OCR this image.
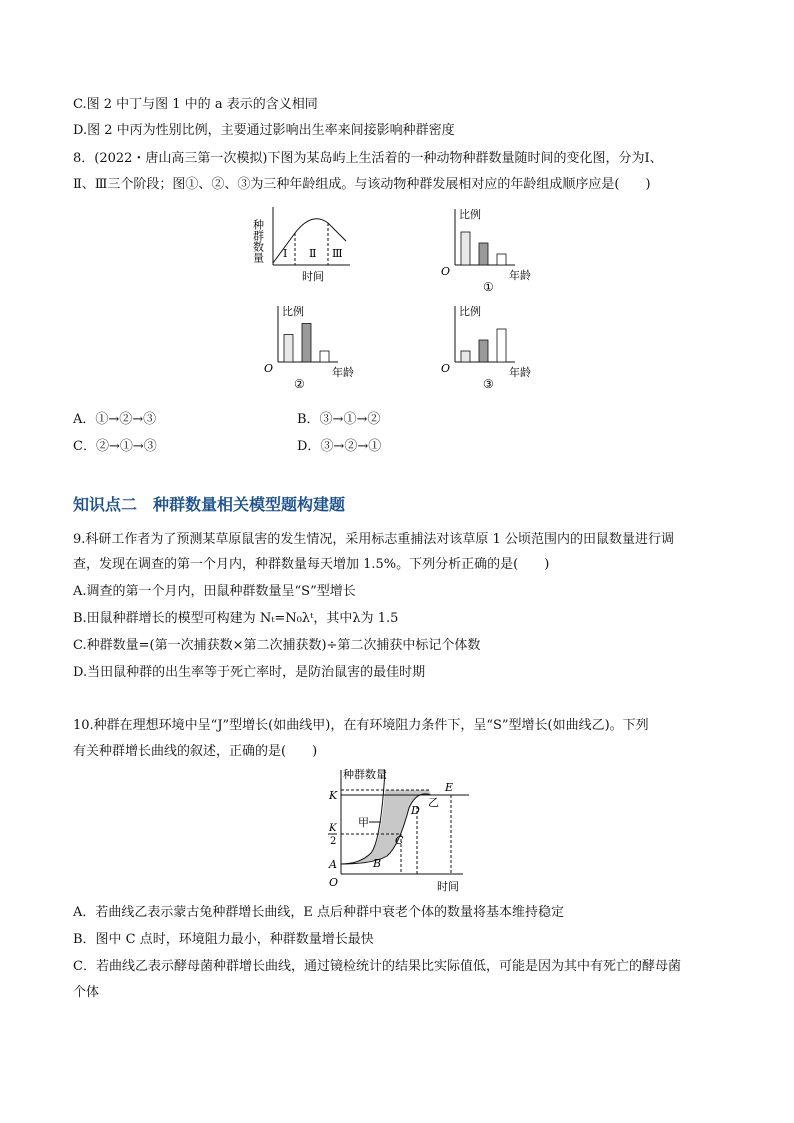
C.图 2 中丁与图 1 中的 a 表示的含义相同
D.图 2 中丙为性别比例，主要通过影响出生率来间接影响种群密度
8．(2022・唐山高三第一次模拟)下图为某岛屿上生活着的一种动物种群数量随时间的变化图，分为Ⅰ、
Ⅱ、Ⅲ三个阶段；图①、②、③为三种年龄组成。与该动物种群发展相对应的年龄组成顺序应是(　　)
Ⅰ Ⅱ Ⅲ
时间
种群数量
比例
O	年龄
①
比例
O	年龄
②
比例
O	年龄
③
A．①→②→③	B．③→①→②
C．②→①→③	D．③→②→①
知识点二　种群数量相关模型题构建题
9.科研工作者为了预测某草原鼠害的发生情况，采用标志重捕法对该草原 1 公顷范围内的田鼠数量进行调
查，发现在调查的第一个月内，种群数量每天增加 1.5%。下列分析正确的是(　　)
A.调查的第一个月内，田鼠种群数量呈“S”型增长
B.田鼠种群增长的模型可构建为 Nₜ=N₀λᵗ，其中λ为 1.5
C.种群数量=(第一次捕获数×第二次捕获数)÷第二次捕获中标记个体数
D.当田鼠种群的出生率等于死亡率时，是防治鼠害的最佳时期
10.种群在理想环境中呈“J”型增长(如曲线甲)，在有环境阻力条件下，呈“S”型增长(如曲线乙)。下列
有关种群增长曲线的叙述，正确的是(　　)
种群数量
K
K
2
A
O
甲
乙
B
C
D
E
时间
A．若曲线乙表示蒙古兔种群增长曲线，E 点后种群中衰老个体的数量将基本维持稳定
B．图中 C 点时，环境阻力最小，种群数量增长最快
C．若曲线乙表示酵母菌种群增长曲线，通过镜检统计的结果比实际值低，可能是因为其中有死亡的酵母菌
个体
